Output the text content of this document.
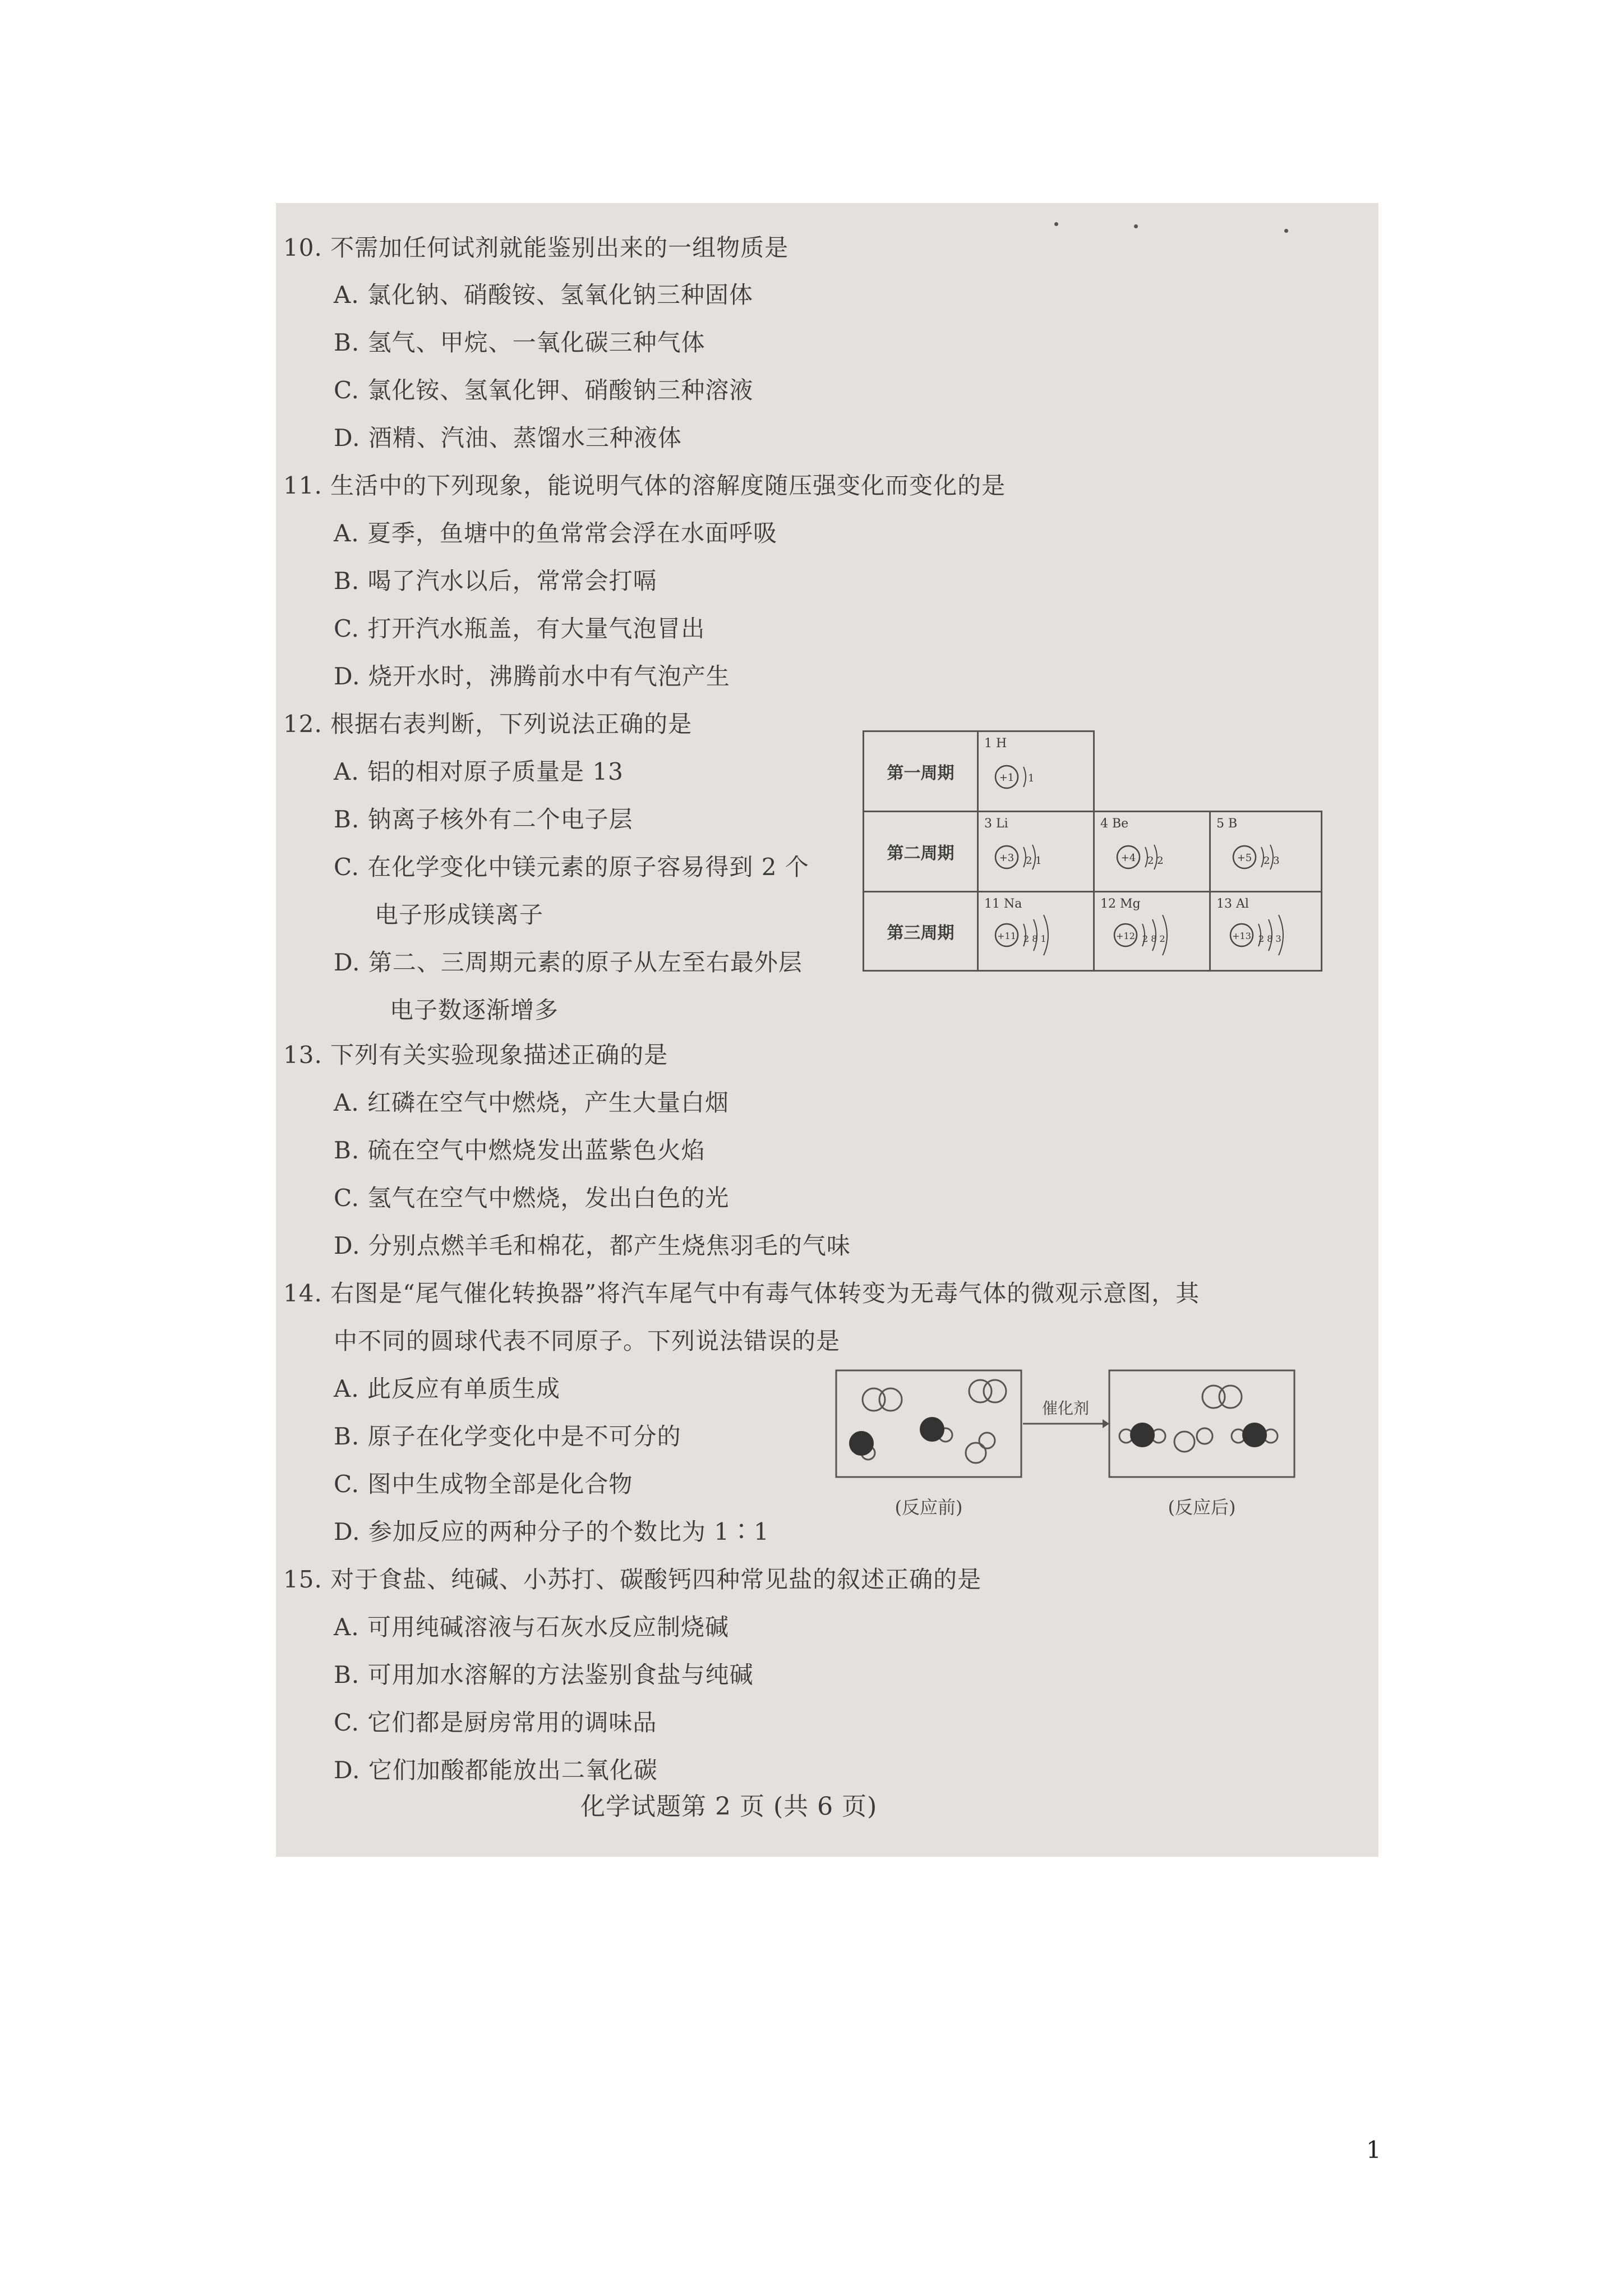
10. 不需加任何试剂就能鉴别出来的一组物质是
A. 氯化钠、硝酸铵、氢氧化钠三种固体
B. 氢气、甲烷、一氧化碳三种气体
C. 氯化铵、氢氧化钾、硝酸钠三种溶液
D. 酒精、汽油、蒸馏水三种液体
11. 生活中的下列现象，能说明气体的溶解度随压强变化而变化的是
A. 夏季，鱼塘中的鱼常常会浮在水面呼吸
B. 喝了汽水以后，常常会打嗝
C. 打开汽水瓶盖，有大量气泡冒出
D. 烧开水时，沸腾前水中有气泡产生
12. 根据右表判断，下列说法正确的是
A. 铝的相对原子质量是 13
B. 钠离子核外有二个电子层
C. 在化学变化中镁元素的原子容易得到 2 个
电子形成镁离子
D. 第二、三周期元素的原子从左至右最外层
电子数逐渐增多
第一周期
1 H
+1 1
第二周期
3 Li
+3 2 1
4 Be
+4 2 2
5 B
+5 2 3
第三周期
11 Na
+11 2 8 1
12 Mg
+12 2 8 2
13 Al
+13 2 8 3
13. 下列有关实验现象描述正确的是
A. 红磷在空气中燃烧，产生大量白烟
B. 硫在空气中燃烧发出蓝紫色火焰
C. 氢气在空气中燃烧，发出白色的光
D. 分别点燃羊毛和棉花，都产生烧焦羽毛的气味
14. 右图是“尾气催化转换器”将汽车尾气中有毒气体转变为无毒气体的微观示意图，其
中不同的圆球代表不同原子。下列说法错误的是
A. 此反应有单质生成
B. 原子在化学变化中是不可分的
C. 图中生成物全部是化合物
D. 参加反应的两种分子的个数比为 1∶1
催化剂
(反应前)	(反应后)
15. 对于食盐、纯碱、小苏打、碳酸钙四种常见盐的叙述正确的是
A. 可用纯碱溶液与石灰水反应制烧碱
B. 可用加水溶解的方法鉴别食盐与纯碱
C. 它们都是厨房常用的调味品
D. 它们加酸都能放出二氧化碳
化学试题第 2 页 (共 6 页)
1
